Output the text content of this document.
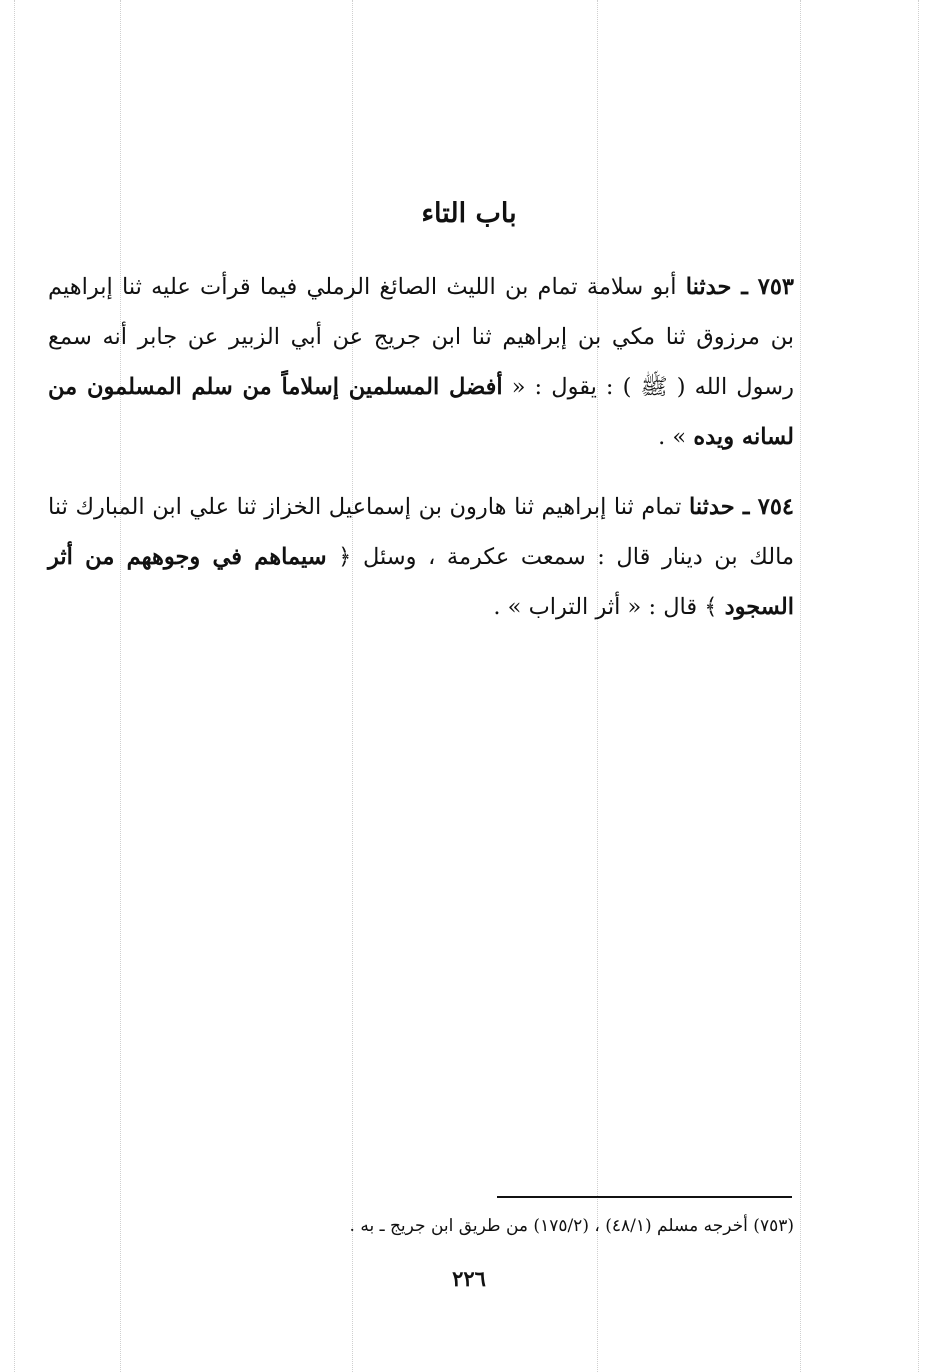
باب التاء

٧٥٣ ـ حدثنا أبو سلامة تمام بن الليث الصائغ الرملي فيما قرأت عليه ثنا إبراهيم بن مرزوق ثنا مكي بن إبراهيم ثنا ابن جريج عن أبي الزبير عن جابر أنه سمع رسول الله ( ﷺ ) : يقول : « أفضل المسلمين إسلاماً من سلم المسلمون من لسانه ويده » .

٧٥٤ ـ حدثنا تمام ثنا إبراهيم ثنا هارون بن إسماعيل الخزاز ثنا علي ابن المبارك ثنا مالك بن دينار قال : سمعت عكرمة ، وسئل ﴿ سيماهم في وجوههم من أثر السجود ﴾ قال : « أثر التراب » .

(٧٥٣) أخرجه مسلم (٤٨/١) ، (١٧٥/٢) من طريق ابن جريج ـ به .
٢٢٦
